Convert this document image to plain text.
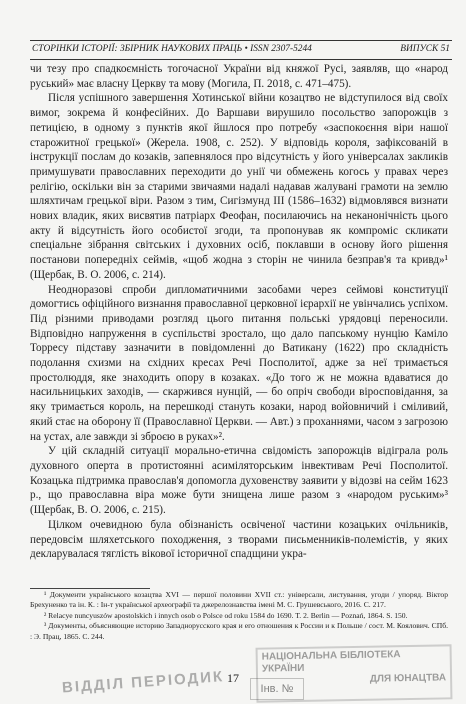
СТОРІНКИ ІСТОРІЇ: ЗБІРНИК НАУКОВИХ ПРАЦЬ • ISSN 2307-5244	ВИПУСК 51

чи тезу про спадкоємність тогочасної України від княжої Русі, заявляв, що «народ руський» має власну Церкву та мову (Могила, П. 2018, с. 471–475).

Після успішного завершення Хотинської війни козацтво не відступилося від своїх вимог, зокрема й конфесійних. До Варшави вирушило посольство запорожців з петицією, в одному з пунктів якої йшлося про потребу «заспокоєння віри нашої старожитної грецької» (Жерела. 1908, с. 252). У відповідь короля, зафіксованій в інструкції послам до козаків, запевнялося про відсутність у його універсалах закликів примушувати православних переходити до унії чи обмежень когось у правах через релігію, оскільки він за старими звичаями надалі надавав жалувані грамоти на землю шляхтичам грецької віри. Разом з тим, Сигізмунд ІІІ (1586–1632) відмовлявся визнати нових владик, яких висвятив патріарх Феофан, посилаючись на неканонічність цього акту й відсутність його особистої згоди, та пропонував як компроміс скликати спеціальне зібрання світських і духовних осіб, поклавши в основу його рішення постанови попередніх сеймів, «щоб жодна з сторін не чинила безправ'я та кривд»¹ (Щербак, В. О. 2006, с. 214).

Неодноразові спроби дипломатичними засобами через сеймові конституції домогтись офіційного визнання православної церковної ієрархії не увінчались успіхом. Під різними приводами розгляд цього питання польські урядовці переносили. Відповідно напруження в суспільстві зростало, що дало папському нунцію Каміло Торресу підставу зазначити в повідомленні до Ватикану (1622) про складність подолання схизми на східних кресах Речі Посполитої, адже за неї тримається простолюддя, яке знаходить опору в козаках. «До того ж не можна вдаватися до насильницьких заходів, — скаржився нунцій, — бо опріч свободи віросповідання, за яку тримається король, на перешкоді стануть козаки, народ войовничий і сміливий, який стає на оборону її (Православної Церкви. — Авт.) з проханнями, часом з загрозою на устах, але завжди зі зброєю в руках»².

У цій складній ситуації морально-етична свідомість запорожців відіграла роль духовного оперта в протистоянні асиміляторським інвективам Речі Посполитої. Козацька підтримка православ'я допомогла духовенству заявити у відозві на сейм 1623 р., що православна віра може бути знищена лише разом з «народом руським»³ (Щербак, В. О. 2006, с. 215).

Цілком очевидною була обізнаність освіченої частини козацьких очільників, передовсім шляхетського походження, з творами письменників-полемістів, у яких декларувалася тяглість вікової історичної спадщини укра-

¹ Документи українського козацтва XVI — першої половини XVII ст.: універсали, листування, угоди / упоряд. Віктор Брехуненко та ін. К. : Ін-т української археографії та джерелознавства імені М. С. Грушевського, 2016. С. 217.

² Relacye nuncyuszów apostolskich i innych osob o Polsce od roku 1584 do 1690. T. 2. Berlin — Poznań, 1864. S. 150.

³ Документы, объясняющие историю Западнорусского края и его отношения к России и к Польше / сост. М. Коялович. СПб. : Э. Прац, 1865. С. 244.

ВІДДІЛ ПЕРІОДИК 17
НАЦІОНАЛЬНА БІБЛІОТЕКА УКРАЇНИ
ДЛЯ ЮНАЦТВА
Інв. №
